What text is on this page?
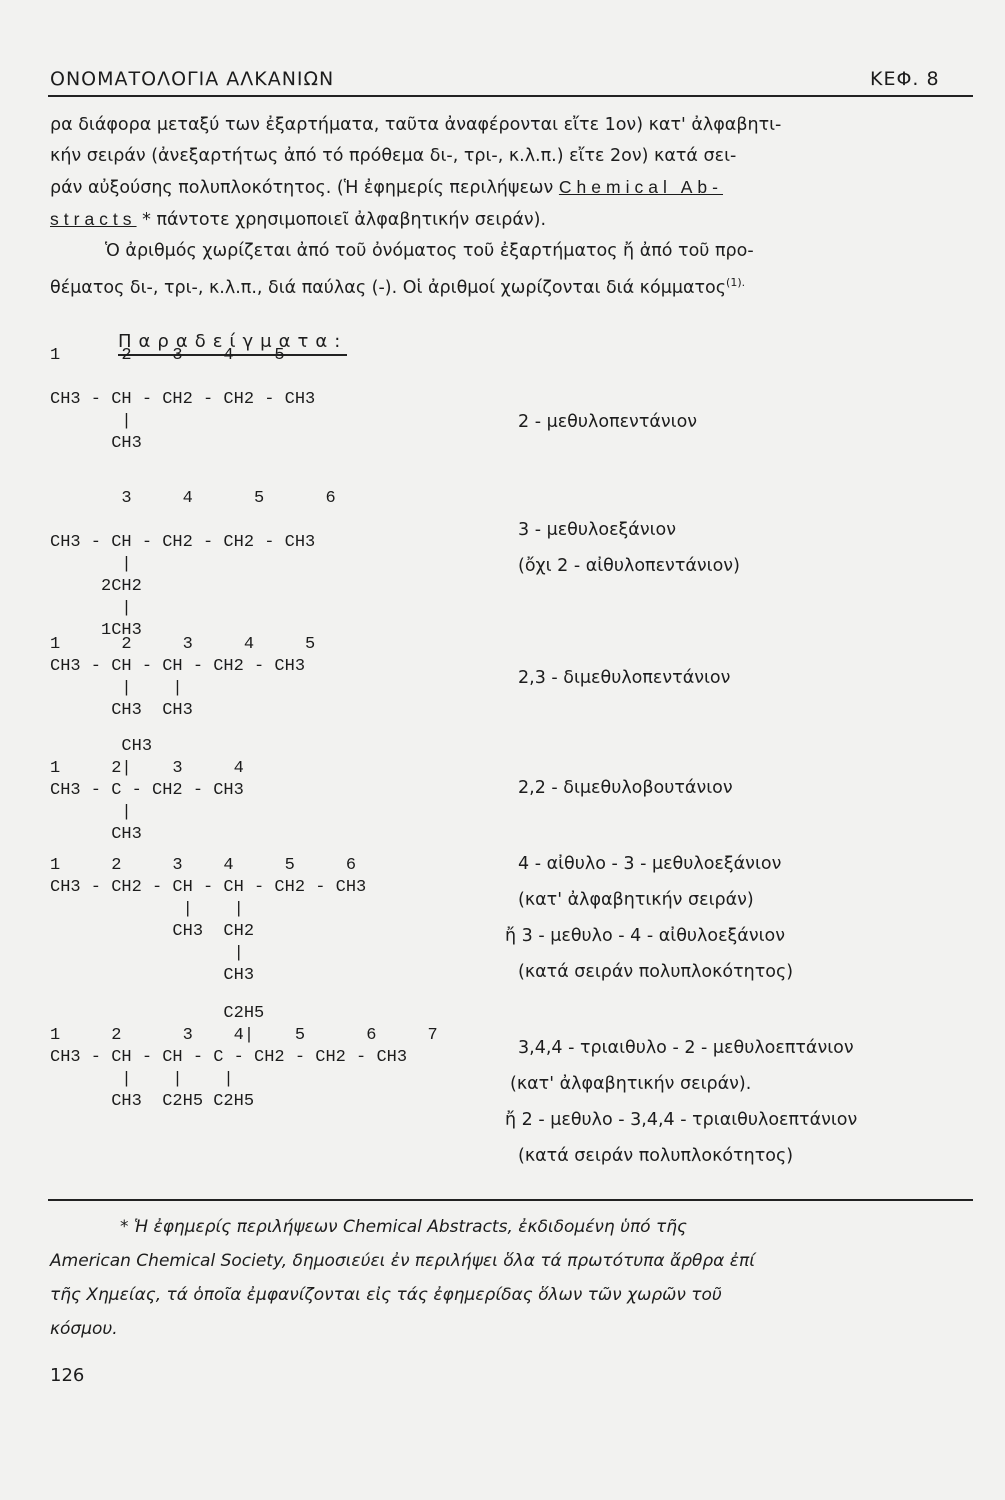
ΟΝΟΜΑΤΟΛΟΓΙΑ ΑΛΚΑΝΙΩΝ	ΚΕΦ. 8
ρα διάφορα μεταξύ των ἐξαρτήματα, ταῦτα ἀναφέρονται εἴτε 1ον) κατ' ἀλφαβητι-
κήν σειράν (ἀνεξαρτήτως ἀπό τό πρόθεμα δι-, τρι-, κ.λ.π.) εἴτε 2ον) κατά σει-
ράν αὐξούσης πολυπλοκότητος. (Ἡ ἐφημερίς περιλήψεων Chemical Ab-
stracts * πάντοτε χρησιμοποιεῖ ἀλφαβητικήν σειράν).
Ὁ ἀριθμός χωρίζεται ἀπό τοῦ ὀνόματος τοῦ ἐξαρτήματος ἤ ἀπό τοῦ προ-
θέματος δι-, τρι-, κ.λ.π., διά παύλας (-). Οἱ ἀριθμοί χωρίζονται διά κόμματος$^{(1).}$
Παραδείγματα:
1      2    3    4    5

CH3 - CH - CH2 - CH2 - CH3
|
CH3
2 - μεθυλοπεντάνιον
3     4      5      6

CH3 - CH - CH2 - CH2 - CH3
|
2CH2
|
1CH3
3 - μεθυλοεξάνιον
(ὄχι 2 - αἰθυλοπεντάνιον)
1      2     3     4     5
CH3 - CH - CH - CH2 - CH3
|    |
CH3  CH3
2,3 - διμεθυλοπεντάνιον
CH3
1     2|    3     4
CH3 - C - CH2 - CH3
|
CH3
2,2 - διμεθυλοβουτάνιον
1     2     3    4     5     6
CH3 - CH2 - CH - CH - CH2 - CH3
|    |
CH3  CH2
|
CH3
4 - αἰθυλο - 3 - μεθυλοεξάνιον
(κατ' ἀλφαβητικήν σειράν)
ἤ 3 - μεθυλο - 4 - αἰθυλοεξάνιον
(κατά σειράν πολυπλοκότητος)
C2H5
1     2      3    4|    5      6     7
CH3 - CH - CH - C - CH2 - CH2 - CH3
|    |    |
CH3  C2H5 C2H5
3,4,4 - τριαιθυλο - 2 - μεθυλοεπτάνιον
(κατ' ἀλφαβητικήν σειράν).
ἤ 2 - μεθυλο - 3,4,4 - τριαιθυλοεπτάνιον
(κατά σειράν πολυπλοκότητος)
* Ἡ ἐφημερίς περιλήψεων Chemical Abstracts, ἐκδιδομένη ὑπό τῆς
American Chemical Society, δημοσιεύει ἐν περιλήψει ὅλα τά πρωτότυπα ἄρθρα ἐπί
τῆς Χημείας, τά ὁποῖα ἐμφανίζονται εἰς τάς ἐφημερίδας ὅλων τῶν χωρῶν τοῦ
κόσμου.
126
